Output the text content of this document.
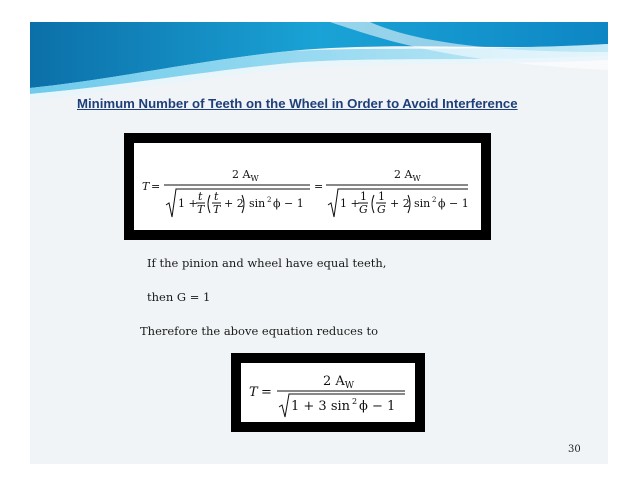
Minimum Number of Teeth on the Wheel in Order to Avoid Interference
T =
2 $A_W$
1 +
t
T
t
T + 2 sin 2 ϕ − 1
=
2 $A_W$
1 +
1
G
1
G + 2 sin 2 ϕ − 1
If the pinion and wheel have equal teeth,
then G = 1
Therefore the above equation reduces to
T =
2 $A_W$
1 + 3 sin 2 ϕ − 1
30
